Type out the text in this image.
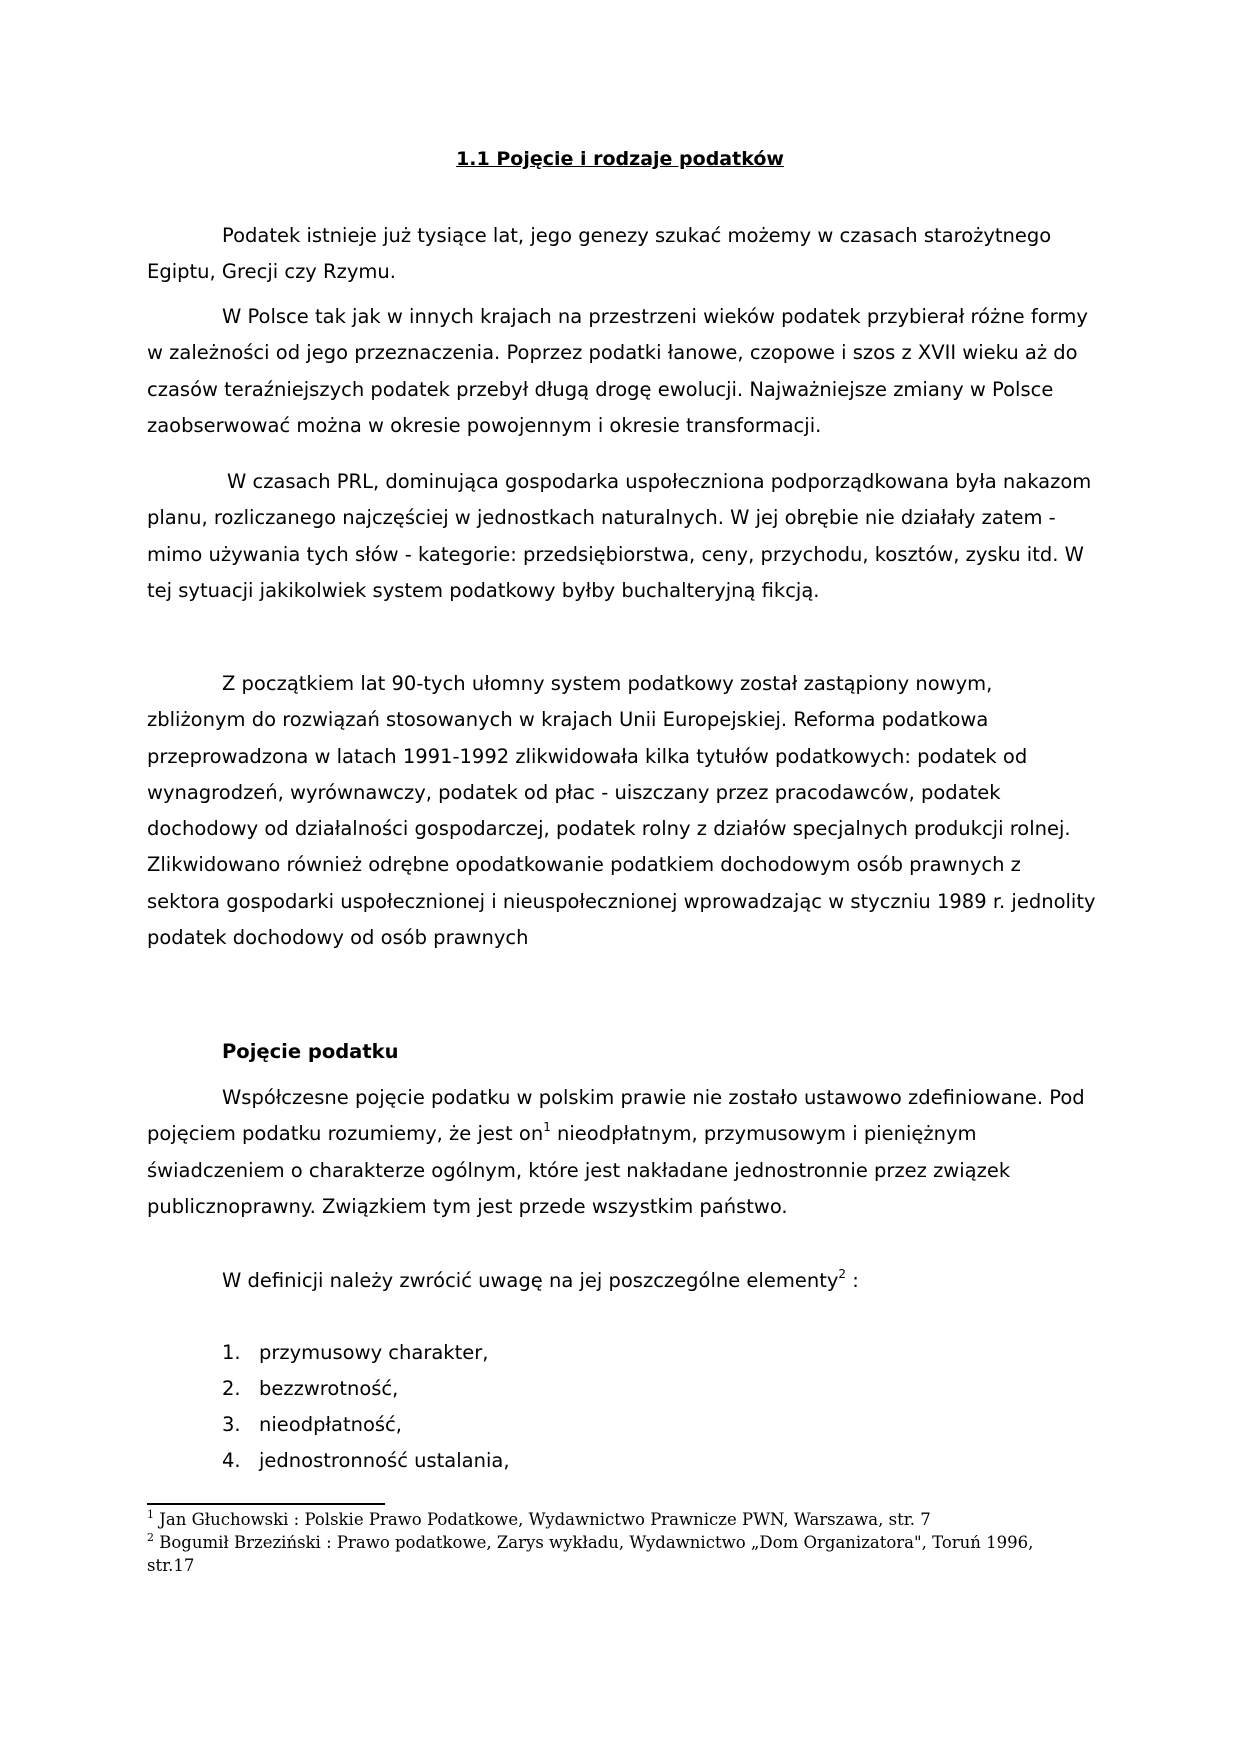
1.1 Pojęcie i rodzaje podatków

Podatek istnieje już tysiące lat, jego genezy szukać możemy w czasach starożytnego Egiptu, Grecji czy Rzymu.

W Polsce tak jak w innych krajach na przestrzeni wieków podatek przybierał różne formy w zależności od jego przeznaczenia. Poprzez podatki łanowe, czopowe i szos z XVII wieku aż do czasów teraźniejszych podatek przebył długą drogę ewolucji. Najważniejsze zmiany w Polsce zaobserwować można w okresie powojennym i okresie transformacji.

W czasach PRL, dominująca gospodarka uspołeczniona podporządkowana była nakazom planu, rozliczanego najczęściej w jednostkach naturalnych. W jej obrębie nie działały zatem - mimo używania tych słów - kategorie: przedsiębiorstwa, ceny, przychodu, kosztów, zysku itd. W tej sytuacji jakikolwiek system podatkowy byłby buchalteryjną fikcją.

Z początkiem lat 90-tych ułomny system podatkowy został zastąpiony nowym, zbliżonym do rozwiązań stosowanych w krajach Unii Europejskiej. Reforma podatkowa przeprowadzona w latach 1991-1992 zlikwidowała kilka tytułów podatkowych: podatek od wynagrodzeń, wyrównawczy, podatek od płac - uiszczany przez pracodawców, podatek dochodowy od działalności gospodarczej, podatek rolny z działów specjalnych produkcji rolnej. Zlikwidowano również odrębne opodatkowanie podatkiem dochodowym osób prawnych z sektora gospodarki uspołecznionej i nieuspołecznionej wprowadzając w styczniu 1989 r. jednolity podatek dochodowy od osób prawnych

Pojęcie podatku

Współczesne pojęcie podatku w polskim prawie nie zostało ustawowo zdefiniowane. Pod pojęciem podatku rozumiemy, że jest $on^1$ nieodpłatnym, przymusowym i pieniężnym świadczeniem o charakterze ogólnym, które jest nakładane jednostronnie przez związek publicznoprawny. Związkiem tym jest przede wszystkim państwo.

W definicji należy zwrócić uwagę na jej poszczególne elementy$^2$ :
1. przymusowy charakter,
2. bezzwrotność,
3. nieodpłatność,
4. jednostronność ustalania,
$^1$ Jan Głuchowski : Polskie Prawo Podatkowe, Wydawnictwo Prawnicze PWN, Warszawa, str. 7
$^2$ Bogumił Brzeziński : Prawo podatkowe, Zarys wykładu, Wydawnictwo „Dom Organizatora", Toruń 1996, str.17
